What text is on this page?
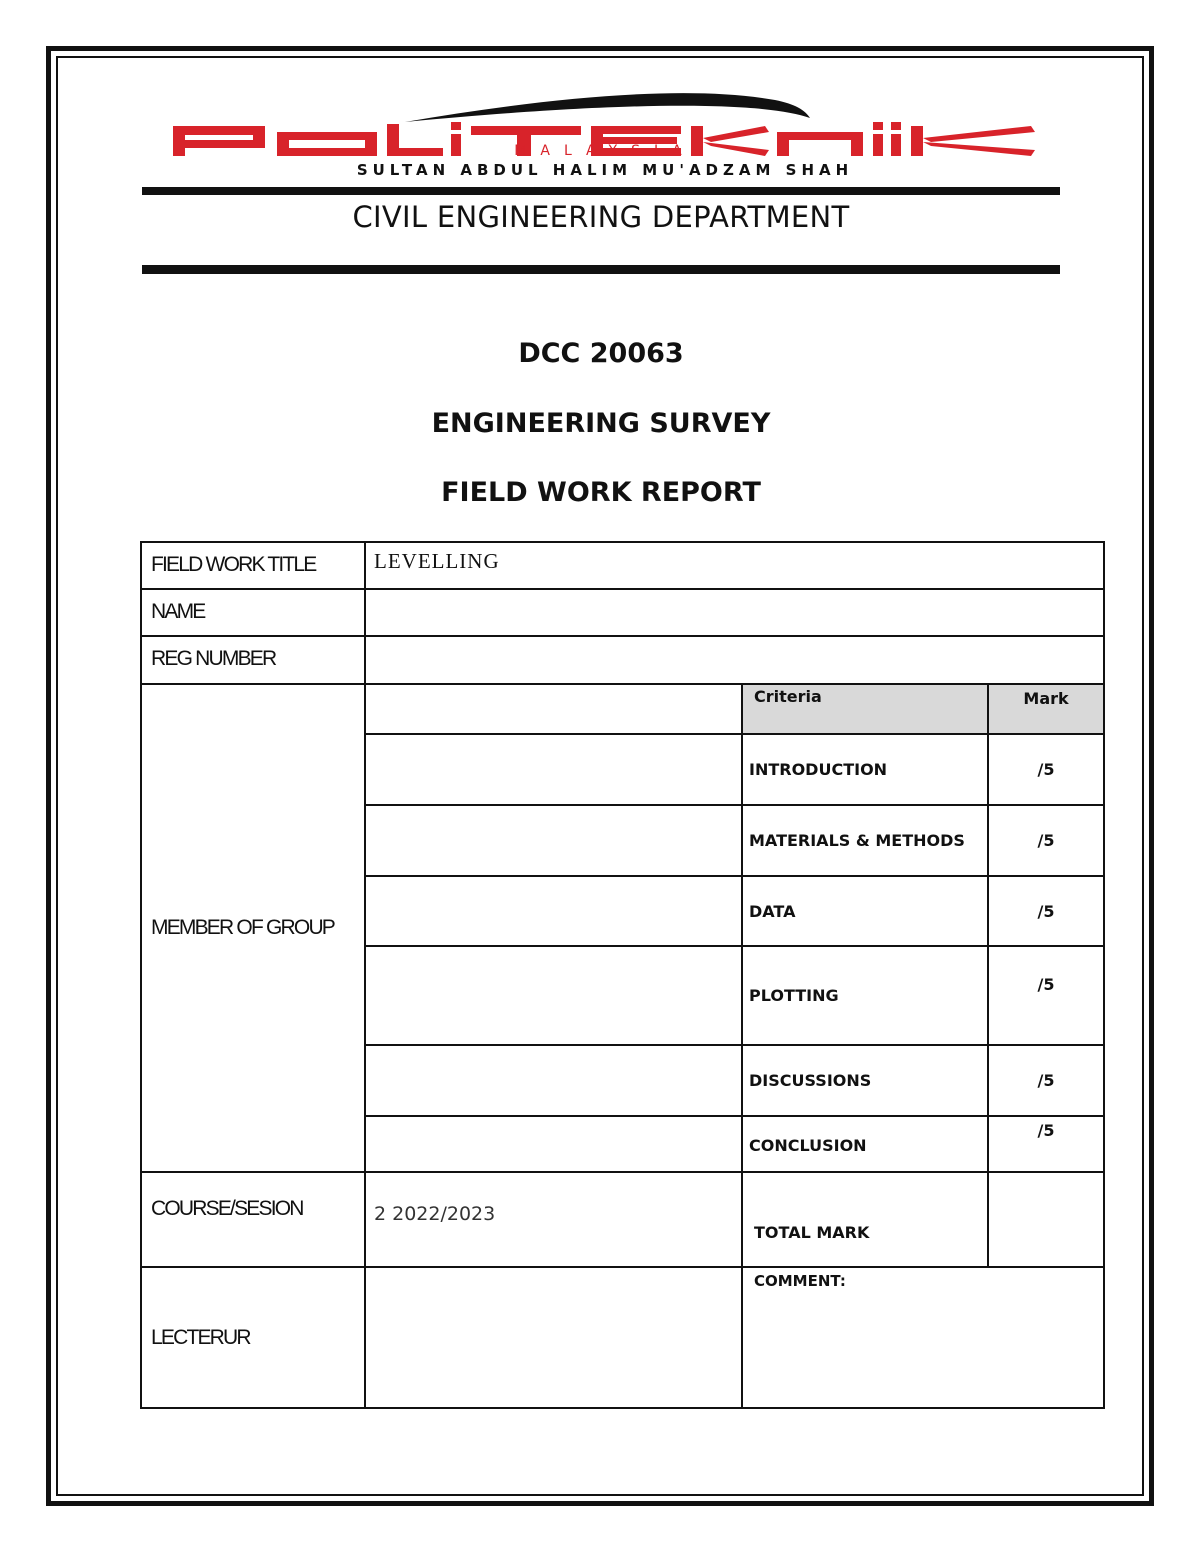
MALAYSIA
SULTAN ABDUL HALIM MU'ADZAM SHAH
CIVIL ENGINEERING DEPARTMENT
DCC 20063
ENGINEERING SURVEY
FIELD WORK REPORT
FIELD WORK TITLE	LEVELLING		
NAME			
REG NUMBER			
MEMBER OF GROUP		Criteria	Mark
		INTRODUCTION	/5
		MATERIALS & METHODS	/5
		DATA	/5
		PLOTTING	/5
		DISCUSSIONS	/5
		CONCLUSION	/5
COURSE/SESION	2 2022/2023	TOTAL MARK	
LECTERUR		COMMENT:	
